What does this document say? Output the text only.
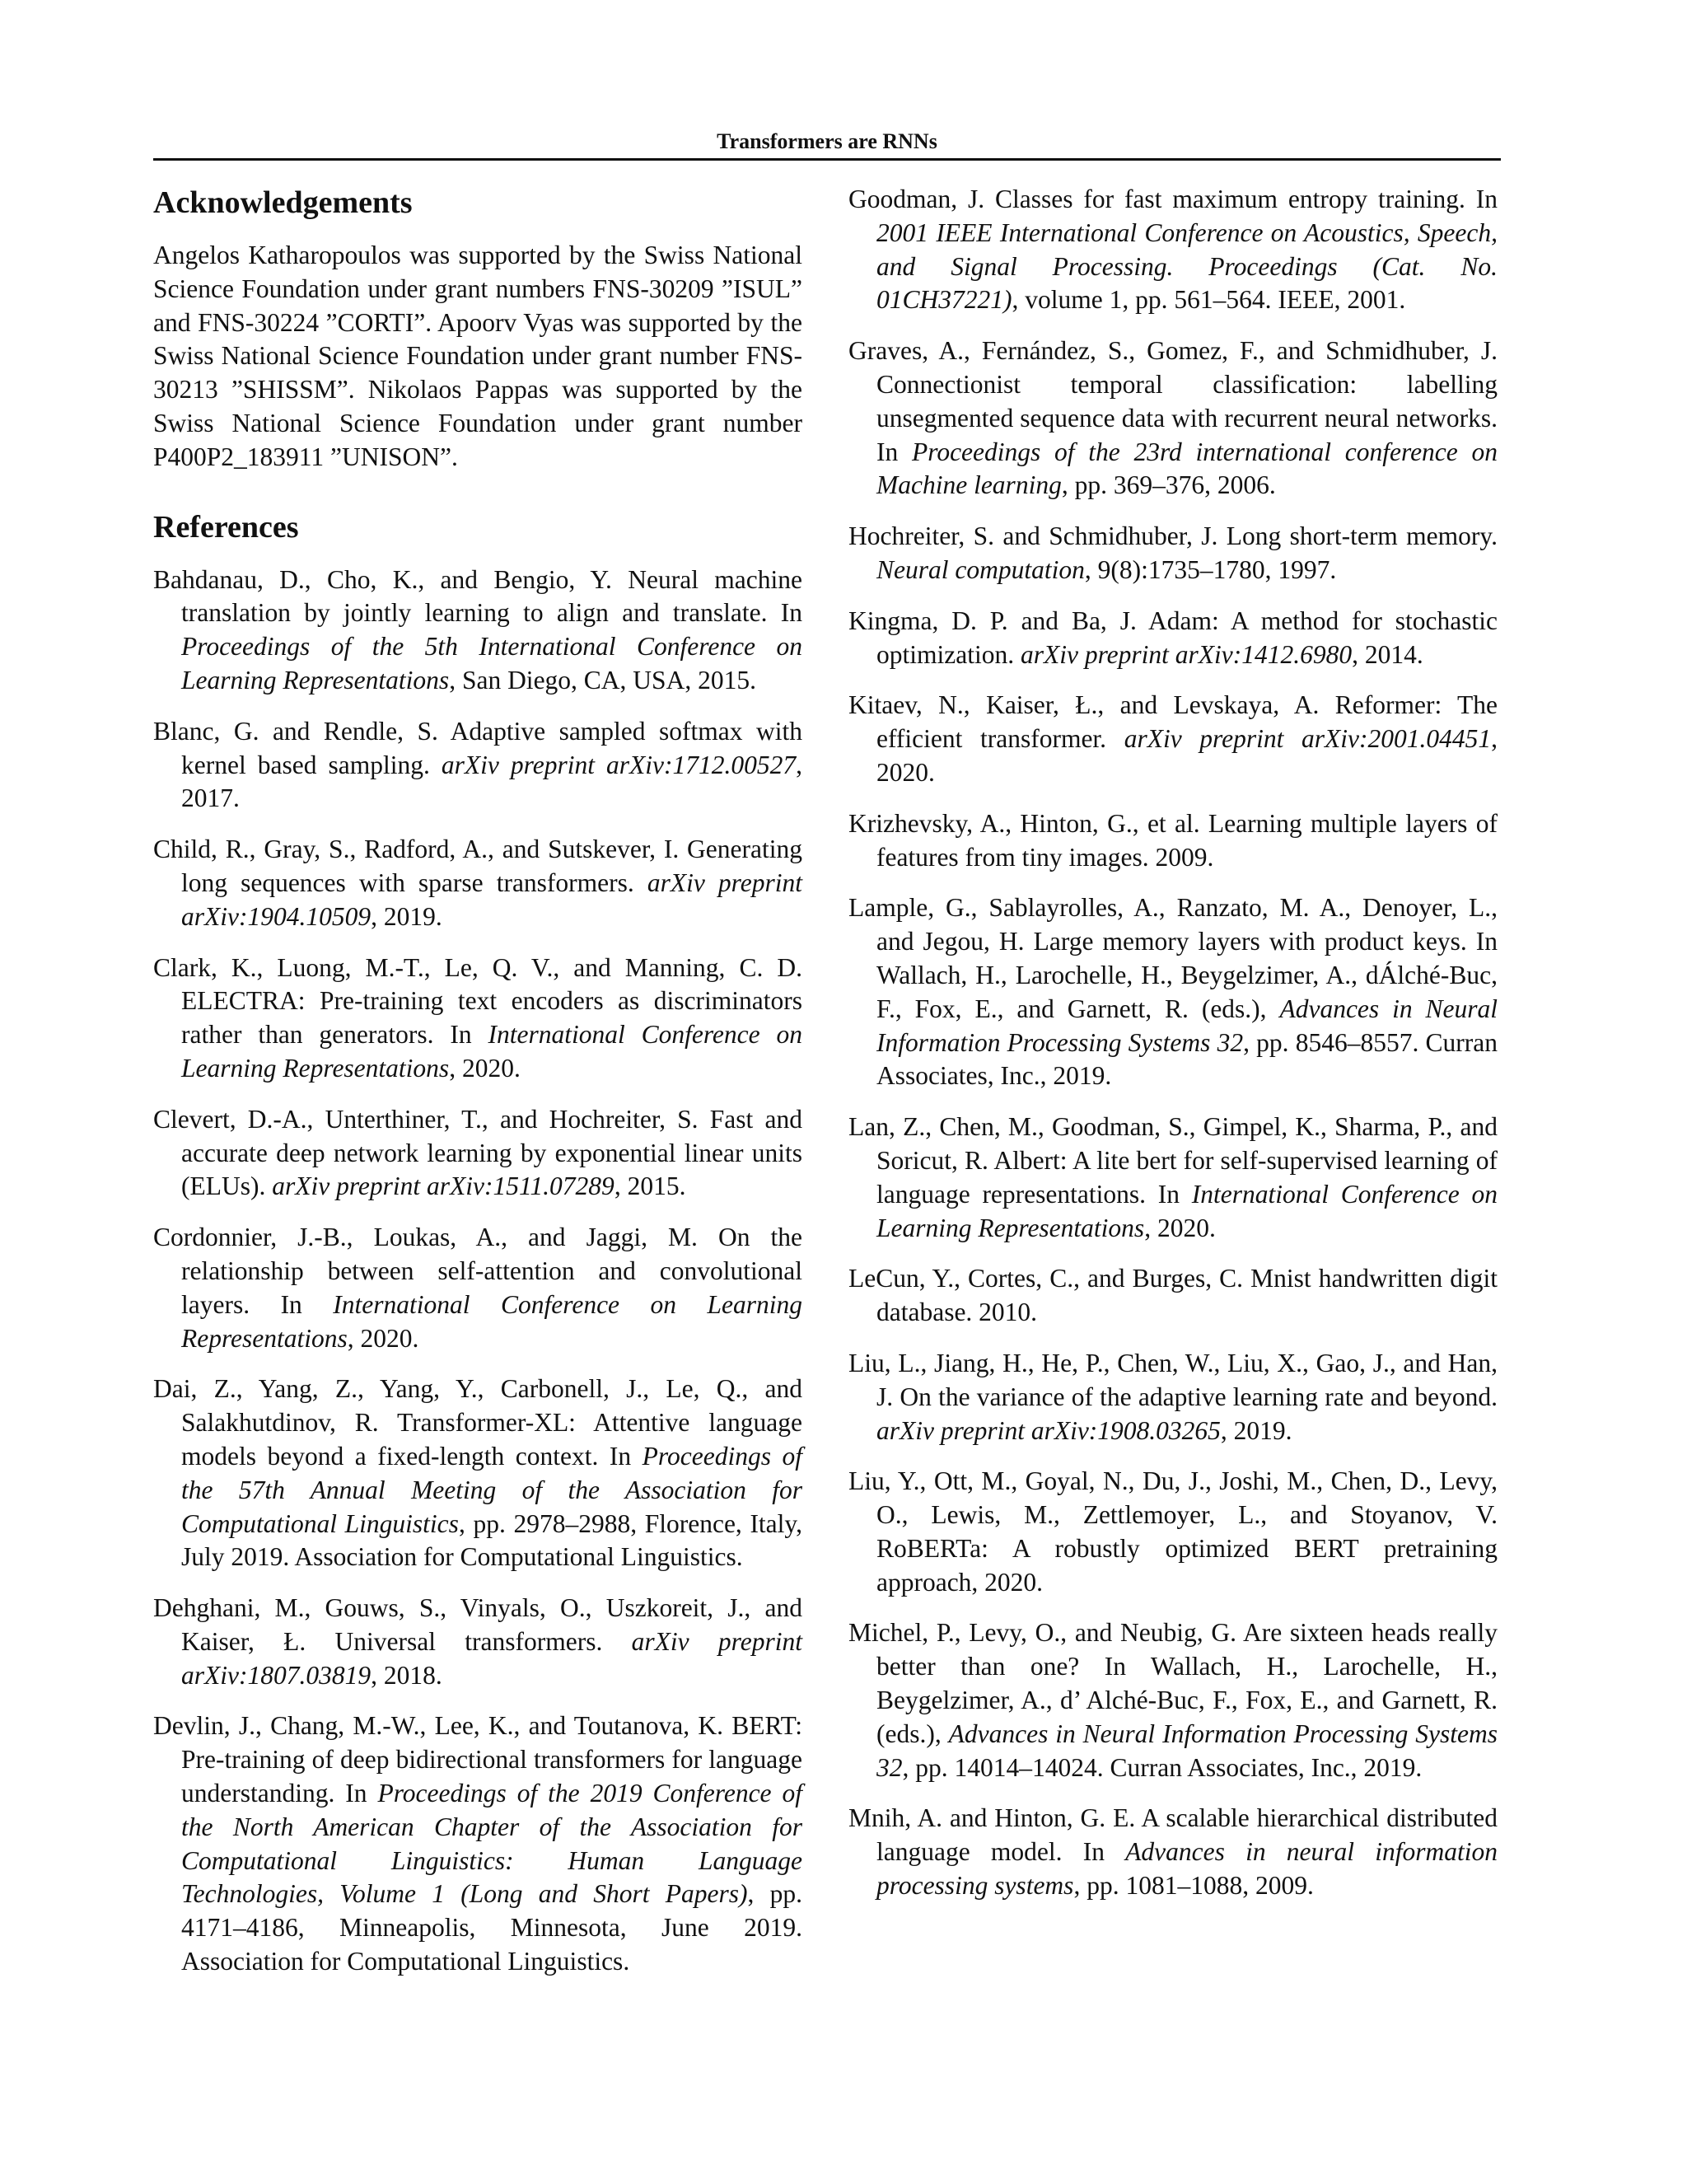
Transformers are RNNs
Acknowledgements

Angelos Katharopoulos was supported by the Swiss National Science Foundation under grant numbers FNS-30209 ”ISUL” and FNS-30224 ”CORTI”. Apoorv Vyas was supported by the Swiss National Science Foundation under grant number FNS-30213 ”SHISSM”. Nikolaos Pappas was supported by the Swiss National Science Foundation under grant number P400P2_183911 ”UNISON”.

References

Bahdanau, D., Cho, K., and Bengio, Y. Neural machine translation by jointly learning to align and translate. In Proceedings of the 5th International Conference on Learning Representations, San Diego, CA, USA, 2015.

Blanc, G. and Rendle, S. Adaptive sampled softmax with kernel based sampling. arXiv preprint arXiv:1712.00527, 2017.

Child, R., Gray, S., Radford, A., and Sutskever, I. Generating long sequences with sparse transformers. arXiv preprint arXiv:1904.10509, 2019.

Clark, K., Luong, M.-T., Le, Q. V., and Manning, C. D. ELECTRA: Pre-training text encoders as discriminators rather than generators. In International Conference on Learning Representations, 2020.

Clevert, D.-A., Unterthiner, T., and Hochreiter, S. Fast and accurate deep network learning by exponential linear units (ELUs). arXiv preprint arXiv:1511.07289, 2015.

Cordonnier, J.-B., Loukas, A., and Jaggi, M. On the relationship between self-attention and convolutional layers. In International Conference on Learning Representations, 2020.

Dai, Z., Yang, Z., Yang, Y., Carbonell, J., Le, Q., and Salakhutdinov, R. Transformer-XL: Attentive language models beyond a fixed-length context. In Proceedings of the 57th Annual Meeting of the Association for Computational Linguistics, pp. 2978–2988, Florence, Italy, July 2019. Association for Computational Linguistics.

Dehghani, M., Gouws, S., Vinyals, O., Uszkoreit, J., and Kaiser, Ł. Universal transformers. arXiv preprint arXiv:1807.03819, 2018.

Devlin, J., Chang, M.-W., Lee, K., and Toutanova, K. BERT: Pre-training of deep bidirectional transformers for language understanding. In Proceedings of the 2019 Conference of the North American Chapter of the Association for Computational Linguistics: Human Language Technologies, Volume 1 (Long and Short Papers), pp. 4171–4186, Minneapolis, Minnesota, June 2019. Association for Computational Linguistics.

Goodman, J. Classes for fast maximum entropy training. In 2001 IEEE International Conference on Acoustics, Speech, and Signal Processing. Proceedings (Cat. No. 01CH37221), volume 1, pp. 561–564. IEEE, 2001.

Graves, A., Fernández, S., Gomez, F., and Schmidhuber, J. Connectionist temporal classification: labelling unsegmented sequence data with recurrent neural networks. In Proceedings of the 23rd international conference on Machine learning, pp. 369–376, 2006.

Hochreiter, S. and Schmidhuber, J. Long short-term memory. Neural computation, 9(8):1735–1780, 1997.

Kingma, D. P. and Ba, J. Adam: A method for stochastic optimization. arXiv preprint arXiv:1412.6980, 2014.

Kitaev, N., Kaiser, Ł., and Levskaya, A. Reformer: The efficient transformer. arXiv preprint arXiv:2001.04451, 2020.

Krizhevsky, A., Hinton, G., et al. Learning multiple layers of features from tiny images. 2009.

Lample, G., Sablayrolles, A., Ranzato, M. A., Denoyer, L., and Jegou, H. Large memory layers with product keys. In Wallach, H., Larochelle, H., Beygelzimer, A., dÁlché-Buc, F., Fox, E., and Garnett, R. (eds.), Advances in Neural Information Processing Systems 32, pp. 8546–8557. Curran Associates, Inc., 2019.

Lan, Z., Chen, M., Goodman, S., Gimpel, K., Sharma, P., and Soricut, R. Albert: A lite bert for self-supervised learning of language representations. In International Conference on Learning Representations, 2020.

LeCun, Y., Cortes, C., and Burges, C. Mnist handwritten digit database. 2010.

Liu, L., Jiang, H., He, P., Chen, W., Liu, X., Gao, J., and Han, J. On the variance of the adaptive learning rate and beyond. arXiv preprint arXiv:1908.03265, 2019.

Liu, Y., Ott, M., Goyal, N., Du, J., Joshi, M., Chen, D., Levy, O., Lewis, M., Zettlemoyer, L., and Stoyanov, V. RoBERTa: A robustly optimized BERT pretraining approach, 2020.

Michel, P., Levy, O., and Neubig, G. Are sixteen heads really better than one? In Wallach, H., Larochelle, H., Beygelzimer, A., d’ Alché-Buc, F., Fox, E., and Garnett, R. (eds.), Advances in Neural Information Processing Systems 32, pp. 14014–14024. Curran Associates, Inc., 2019.

Mnih, A. and Hinton, G. E. A scalable hierarchical distributed language model. In Advances in neural information processing systems, pp. 1081–1088, 2009.
